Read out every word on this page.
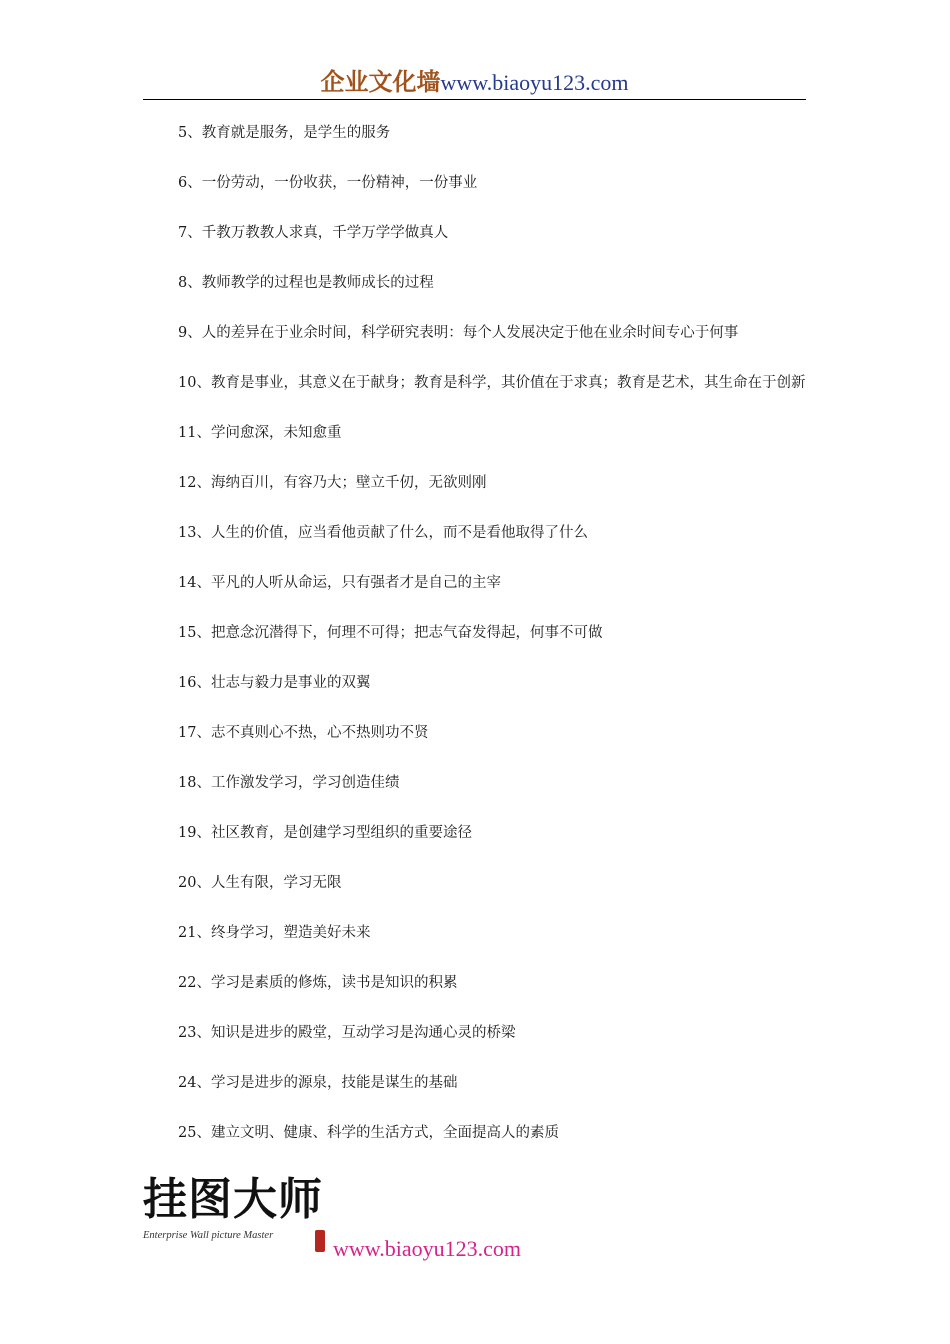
企业文化墙www.biaoyu123.com

5、教育就是服务，是学生的服务

6、一份劳动，一份收获，一份精神，一份事业

7、千教万教教人求真，千学万学学做真人

8、教师教学的过程也是教师成长的过程

9、人的差异在于业余时间，科学研究表明：每个人发展决定于他在业余时间专心于何事

10、教育是事业，其意义在于献身；教育是科学，其价值在于求真；教育是艺术，其生命在于创新

11、学问愈深，未知愈重

12、海纳百川，有容乃大；壁立千仞，无欲则刚

13、人生的价值，应当看他贡献了什么，而不是看他取得了什么

14、平凡的人听从命运，只有强者才是自己的主宰

15、把意念沉潜得下，何理不可得；把志气奋发得起，何事不可做

16、壮志与毅力是事业的双翼

17、志不真则心不热，心不热则功不贤

18、工作激发学习，学习创造佳绩

19、社区教育，是创建学习型组织的重要途径

20、人生有限，学习无限

21、终身学习，塑造美好未来

22、学习是素质的修炼，读书是知识的积累

23、知识是进步的殿堂，互动学习是沟通心灵的桥梁

24、学习是进步的源泉，技能是谋生的基础

25、建立文明、健康、科学的生活方式，全面提高人的素质

挂图大师
Enterprise Wall picture Master
www.biaoyu123.com
